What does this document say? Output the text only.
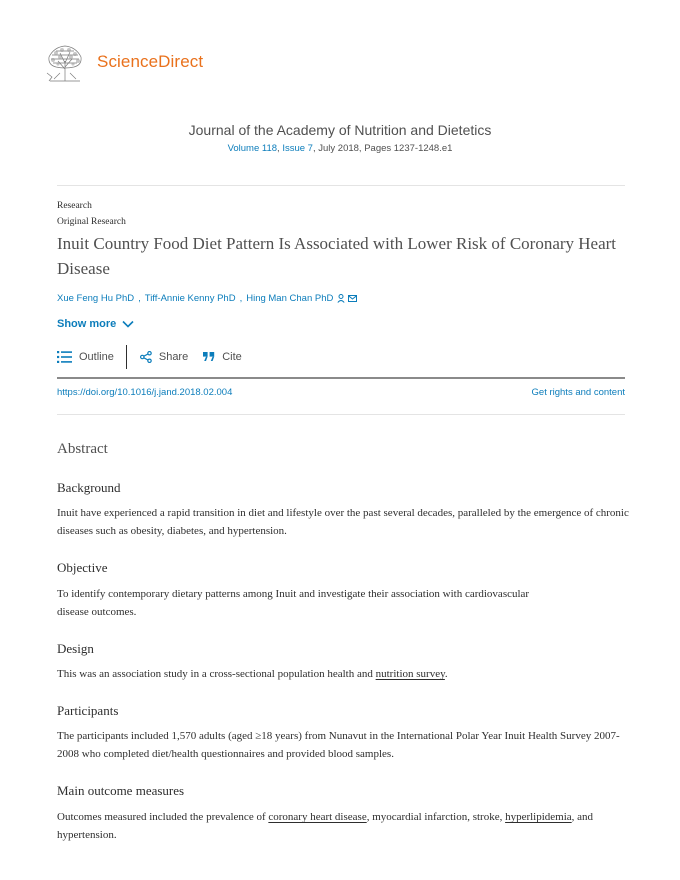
ScienceDirect
Journal of the Academy of Nutrition and Dietetics
Volume 118, Issue 7, July 2018, Pages 1237-1248.e1
Research
Original Research
Inuit Country Food Diet Pattern Is Associated with Lower Risk of Coronary Heart Disease
Xue Feng Hu PhD , Tiff-Annie Kenny PhD , Hing Man Chan PhD
Show more
Outline	Share	Cite
https://doi.org/10.1016/j.jand.2018.02.004	Get rights and content
Abstract
Background
Inuit have experienced a rapid transition in diet and lifestyle over the past several decades, paralleled by the emergence of chronic diseases such as obesity, diabetes, and hypertension.
Objective
To identify contemporary dietary patterns among Inuit and investigate their association with cardiovascular disease outcomes.
Design
This was an association study in a cross-sectional population health and nutrition survey.
Participants
The participants included 1,570 adults (aged ≥18 years) from Nunavut in the International Polar Year Inuit Health Survey 2007-2008 who completed diet/health questionnaires and provided blood samples.
Main outcome measures
Outcomes measured included the prevalence of coronary heart disease, myocardial infarction, stroke, hyperlipidemia, and hypertension.
